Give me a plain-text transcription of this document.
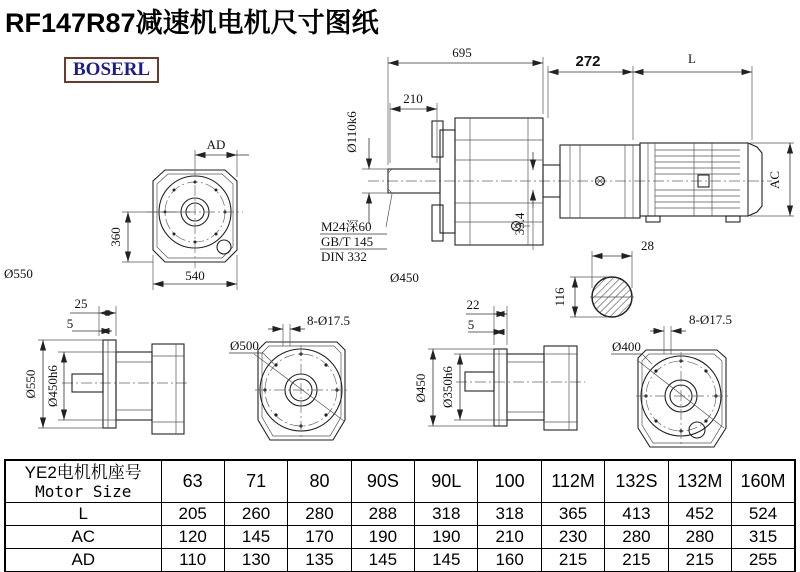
RF147R87减速机电机尺寸图纸
BOSERL
AD
360
540
Ø550
695
272	L
210
Ø110k6
M24深60
GB/T 145
DIN 332
33.4
Ø450
AC
28
116
25
5
Ø550 Ø450h6
8-Ø17.5
Ø500
22
5
Ø450 Ø350h6
8-Ø17.5
Ø400
YE2电机机座号
Motor Size	63	71	80	90S	90L	100	112M	132S	132M	160M
L	205	260	280	288	318	318	365	413	452	524
AC	120	145	170	190	190	210	230	280	280	315
AD	110	130	135	145	145	160	215	215	215	255
